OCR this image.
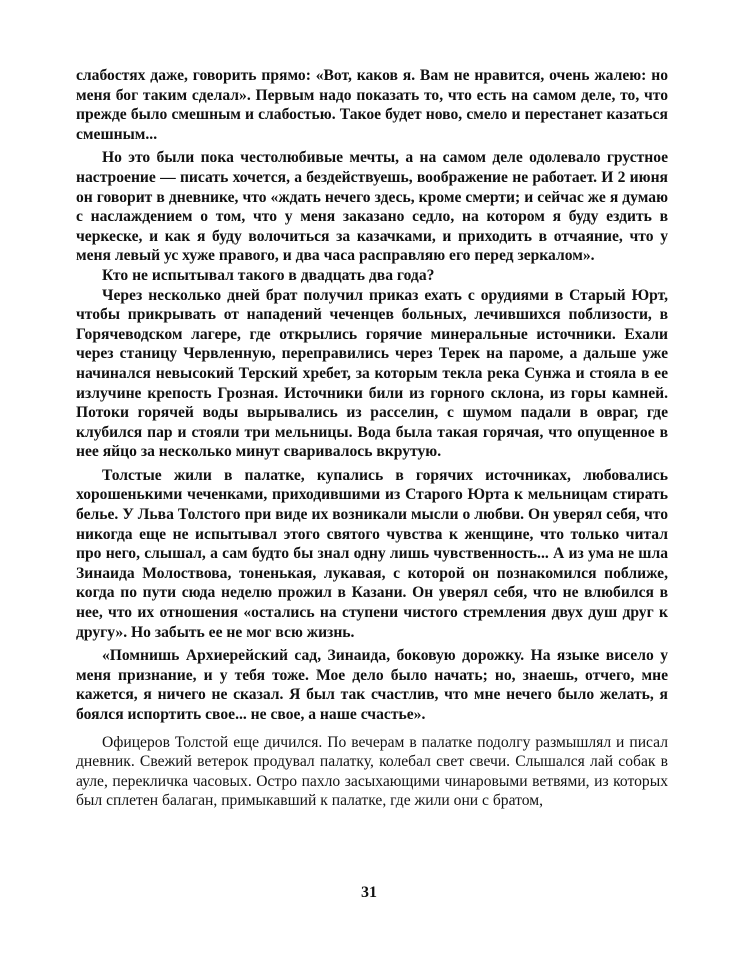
слабостях даже, говорить прямо: «Вот, каков я. Вам не нравится, очень жалею: но меня бог таким сделал». Первым надо показать то, что есть на самом деле, то, что прежде было смешным и слабостью. Такое будет ново, смело и перестанет казаться смешным...

Но это были пока честолюбивые мечты, а на самом деле одолевало грустное настроение — писать хочется, а бездействуешь, воображение не работает. И 2 июня он говорит в дневнике, что «ждать нечего здесь, кроме смерти; и сейчас же я думаю с наслаждением о том, что у меня заказано седло, на котором я буду ездить в черкеске, и как я буду волочиться за казачками, и приходить в отчаяние, что у меня левый ус хуже правого, и два часа расправляю его перед зеркалом».

Кто не испытывал такого в двадцать два года?

Через несколько дней брат получил приказ ехать с орудиями в Старый Юрт, чтобы прикрывать от нападений чеченцев больных, лечившихся поблизости, в Горячеводском лагере, где открылись горячие минеральные источники. Ехали через станицу Червленную, переправились через Терек на пароме, а дальше уже начинался невысокий Терский хребет, за которым текла река Сунжа и стояла в ее излучине крепость Грозная. Источники били из горного склона, из горы камней. Потоки горячей воды вырывались из расселин, с шумом падали в овраг, где клубился пар и стояли три мельницы. Вода была такая горячая, что опущенное в нее яйцо за несколько минут сваривалось вкрутую.

Толстые жили в палатке, купались в горячих источниках, любовались хорошенькими чеченками, приходившими из Старого Юрта к мельницам стирать белье. У Льва Толстого при виде их возникали мысли о любви. Он уверял себя, что никогда еще не испытывал этого святого чувства к женщине, что только читал про него, слышал, а сам будто бы знал одну лишь чувственность... А из ума не шла Зинаида Молоствова, тоненькая, лукавая, с которой он познакомился поближе, когда по пути сюда неделю прожил в Казани. Он уверял себя, что не влюбился в нее, что их отношения «остались на ступени чистого стремления двух душ друг к другу». Но забыть ее не мог всю жизнь.

«Помнишь Архиерейский сад, Зинаида, боковую дорожку. На языке висело у меня признание, и у тебя тоже. Мое дело было начать; но, знаешь, отчего, мне кажется, я ничего не сказал. Я был так счастлив, что мне нечего было желать, я боялся испортить свое... не свое, а наше счастье».

Офицеров Толстой еще дичился. По вечерам в палатке подолгу размышлял и писал дневник. Свежий ветерок продувал палатку, колебал свет свечи. Слышался лай собак в ауле, перекличка часовых. Остро пахло засыхающими чинаровыми ветвями, из которых был сплетен балаган, примыкавший к палатке, где жили они с братом,

31
